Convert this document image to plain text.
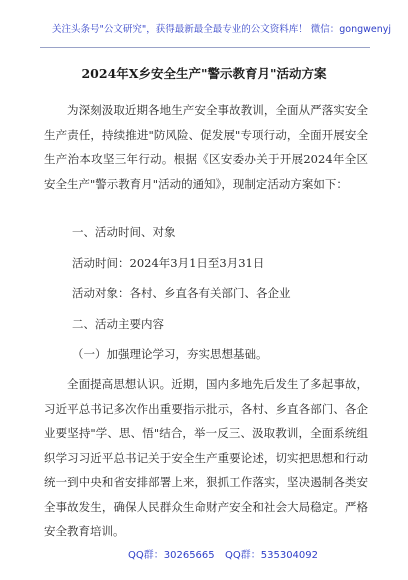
关注头条号"公文研究"，获得最新最全最专业的公文资料库！ 微信：gongwenyj
2024年X乡安全生产"警示教育月"活动方案

为深刻汲取近期各地生产安全事故教训，全面从严落实安全生产责任，持续推进"防风险、促发展"专项行动，全面开展安全生产治本攻坚三年行动。根据《区安委办关于开展2024年全区安全生产"警示教育月"活动的通知》，现制定活动方案如下：

一、活动时间、对象
活动时间：2024年3月1日至3月31日
活动对象：各村、乡直各有关部门、各企业
二、活动主要内容
（一）加强理论学习，夯实思想基础。

全面提高思想认识。近期，国内多地先后发生了多起事故，习近平总书记多次作出重要指示批示，各村、乡直各部门、各企业要坚持"学、思、悟"结合，举一反三、汲取教训，全面系统组织学习习近平总书记关于安全生产重要论述，切实把思想和行动统一到中央和省安排部署上来，狠抓工作落实，坚决遏制各类安全事故发生，确保人民群众生命财产安全和社会大局稳定。严格安全教育培训。

QQ群：30265665 QQ群：535304092
